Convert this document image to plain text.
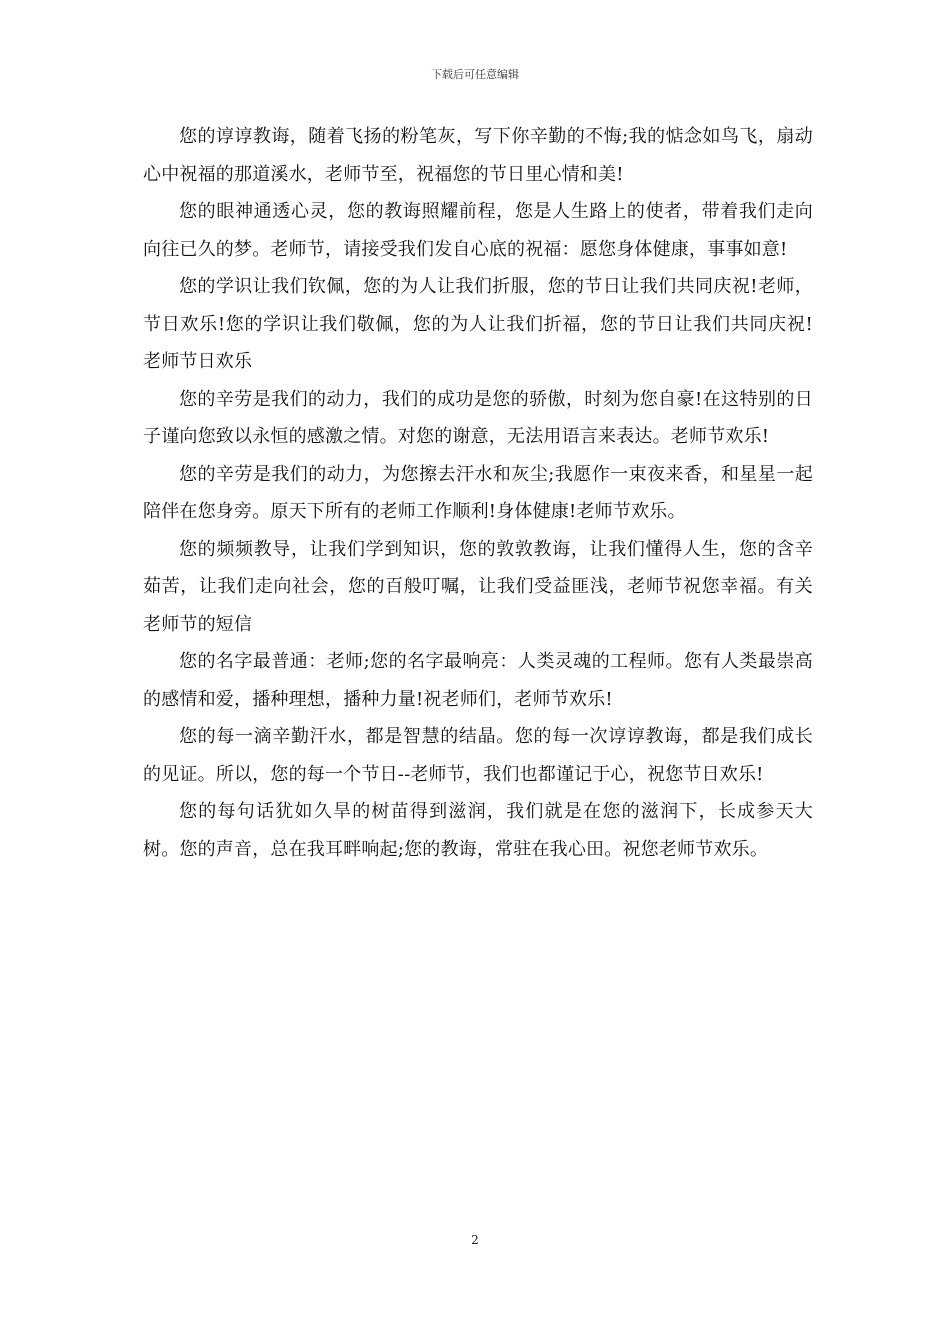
下载后可任意编辑

您的谆谆教诲，随着飞扬的粉笔灰，写下你辛勤的不悔;我的惦念如鸟飞，扇动心中祝福的那道溪水，老师节至，祝福您的节日里心情和美!

您的眼神通透心灵，您的教诲照耀前程，您是人生路上的使者，带着我们走向向往已久的梦。老师节，请接受我们发自心底的祝福：愿您身体健康，事事如意!

您的学识让我们钦佩，您的为人让我们折服，您的节日让我们共同庆祝!老师，节日欢乐!您的学识让我们敬佩，您的为人让我们折福，您的节日让我们共同庆祝!老师节日欢乐

您的辛劳是我们的动力，我们的成功是您的骄傲，时刻为您自豪!在这特别的日子谨向您致以永恒的感激之情。对您的谢意，无法用语言来表达。老师节欢乐!

您的辛劳是我们的动力，为您擦去汗水和灰尘;我愿作一束夜来香，和星星一起陪伴在您身旁。原天下所有的老师工作顺利!身体健康!老师节欢乐。

您的频频教导，让我们学到知识，您的敦敦教诲，让我们懂得人生，您的含辛茹苦，让我们走向社会，您的百般叮嘱，让我们受益匪浅，老师节祝您幸福。有关老师节的短信

您的名字最普通：老师;您的名字最响亮：人类灵魂的工程师。您有人类最崇高的感情和爱，播种理想，播种力量!祝老师们，老师节欢乐!

您的每一滴辛勤汗水，都是智慧的结晶。您的每一次谆谆教诲，都是我们成长的见证。所以，您的每一个节日--老师节，我们也都谨记于心，祝您节日欢乐!

您的每句话犹如久旱的树苗得到滋润，我们就是在您的滋润下，长成参天大树。您的声音，总在我耳畔响起;您的教诲，常驻在我心田。祝您老师节欢乐。

2
